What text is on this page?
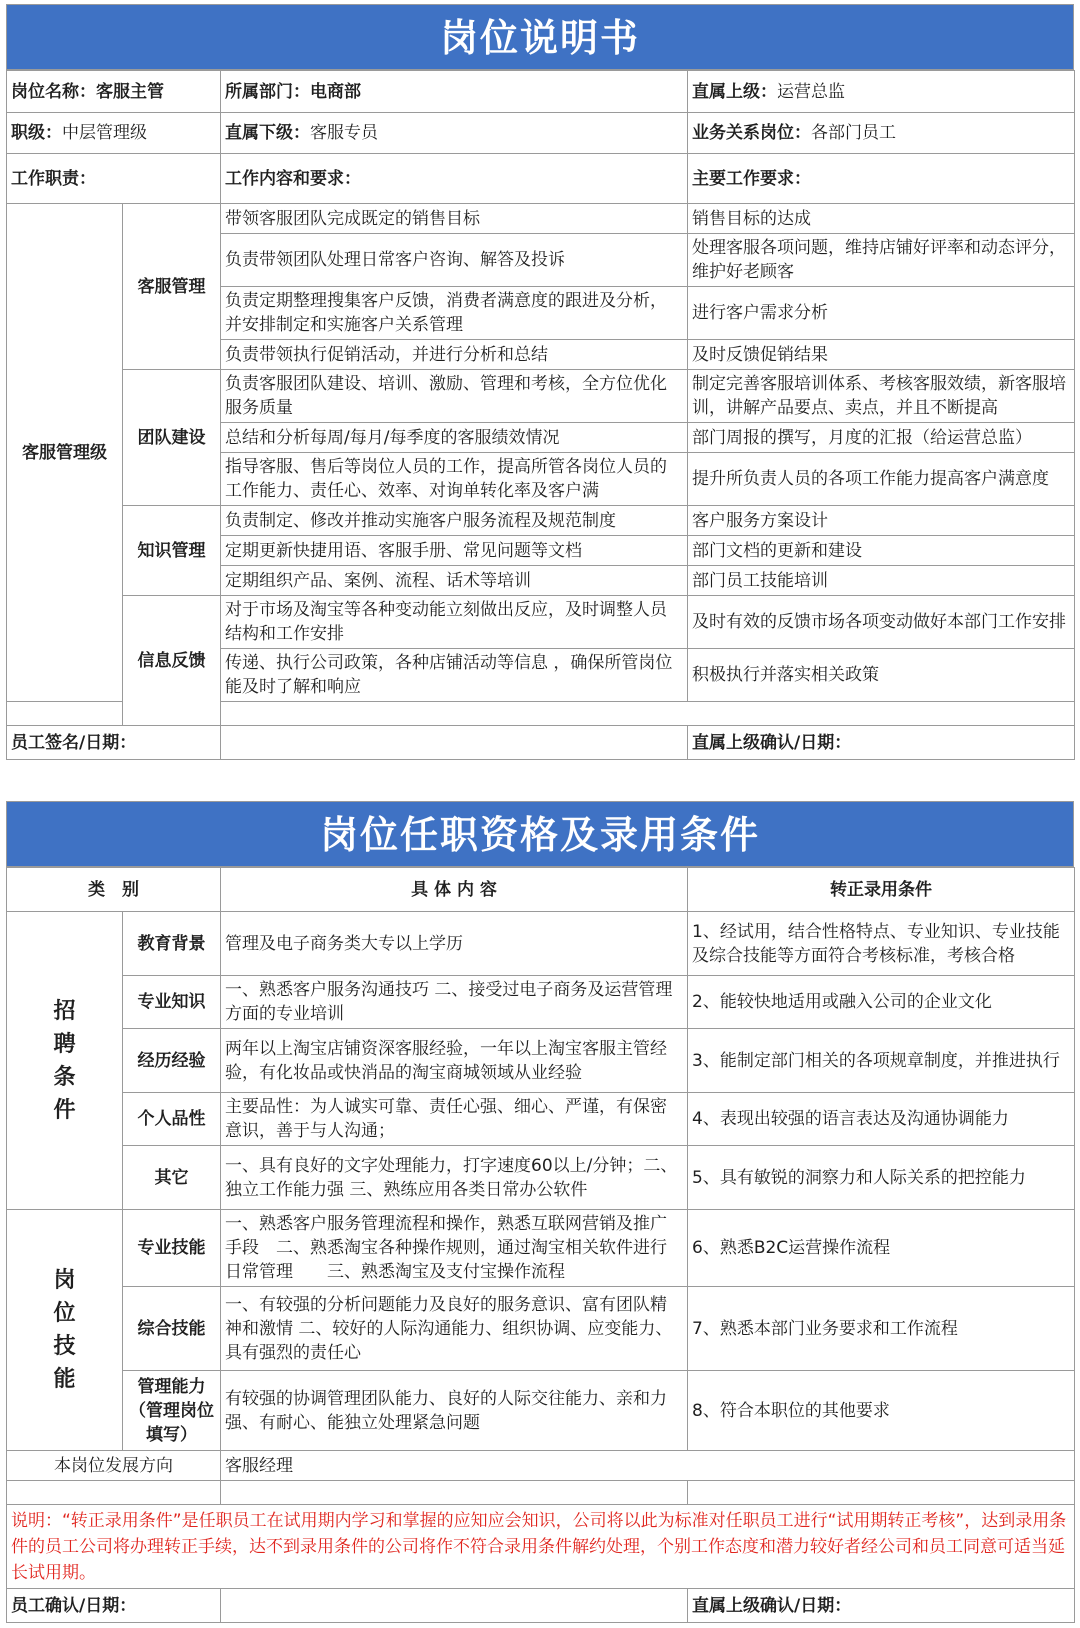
岗位说明书
岗位名称：客服主管		所属部门：电商部	直属上级：运营总监
职级：中层管理级		直属下级：客服专员	业务关系岗位：各部门员工
工作职责：		工作内容和要求：	主要工作要求：
客服管理级	客服管理	带领客服团队完成既定的销售目标	销售目标的达成
		负责带领团队处理日常客户咨询、解答及投诉	处理客服各项问题，维持店铺好评率和动态评分，维护好老顾客
		负责定期整理搜集客户反馈，消费者满意度的跟进及分析，并安排制定和实施客户关系管理	进行客户需求分析
		负责带领执行促销活动，并进行分析和总结	及时反馈促销结果
	团队建设	负责客服团队建设、培训、激励、管理和考核，全方位优化服务质量	制定完善客服培训体系、考核客服效绩，新客服培训，讲解产品要点、卖点，并且不断提高
		总结和分析每周/每月/每季度的客服绩效情况	部门周报的撰写，月度的汇报（给运营总监）
		指导客服、售后等岗位人员的工作，提高所管各岗位人员的工作能力、责任心、效率、对询单转化率及客户满	提升所负责人员的各项工作能力提高客户满意度
	知识管理	负责制定、修改并推动实施客户服务流程及规范制度	客户服务方案设计
		定期更新快捷用语、客服手册、常见问题等文档	部门文档的更新和建设
		定期组织产品、案例、流程、话术等培训	部门员工技能培训
	信息反馈	对于市场及淘宝等各种变动能立刻做出反应，及时调整人员结构和工作安排	及时有效的反馈市场各项变动做好本部门工作安排
		传递、执行公司政策，各种店铺活动等信息 ，确保所管岗位能及时了解和响应	积极执行并落实相关政策

员工签名/日期：			直属上级确认/日期：
岗位任职资格及录用条件
类　别		具 体 内 容	转正录用条件

招
聘
条
件	教育背景	管理及电子商务类大专以上学历	1、经试用，结合性格特点、专业知识、专业技能及综合技能等方面符合考核标准，考核合格
	专业知识	一、熟悉客户服务沟通技巧 二、接受过电子商务及运营管理方面的专业培训	2、能较快地适用或融入公司的企业文化
	经历经验	两年以上淘宝店铺资深客服经验，一年以上淘宝客服主管经验，有化妆品或快消品的淘宝商城领域从业经验	3、能制定部门相关的各项规章制度，并推进执行
	个人品性	主要品性：为人诚实可靠、责任心强、细心、严谨，有保密意识，善于与人沟通；	4、表现出较强的语言表达及沟通协调能力
	其它	一、具有良好的文字处理能力，打字速度60以上/分钟；二、独立工作能力强 三、熟练应用各类日常办公软件	5、具有敏锐的洞察力和人际关系的把控能力

岗
位
技
能	专业技能	一、熟悉客户服务管理流程和操作，熟悉互联网营销及推广手段　二、熟悉淘宝各种操作规则，通过淘宝相关软件进行日常管理　　三、熟悉淘宝及支付宝操作流程	6、熟悉B2C运营操作流程
	综合技能	一、有较强的分析问题能力及良好的服务意识、富有团队精神和激情 二、较好的人际沟通能力、组织协调、应变能力、具有强烈的责任心	7、熟悉本部门业务要求和工作流程
	管理能力（管理岗位填写）	有较强的协调管理团队能力、良好的人际交往能力、亲和力强、有耐心、能独立处理紧急问题	8、符合本职位的其他要求
本岗位发展方向		客服经理	

说明：“转正录用条件”是任职员工在试用期内学习和掌握的应知应会知识，公司将以此为标准对任职员工进行“试用期转正考核”，达到录用条件的员工公司将办理转正手续，达不到录用条件的公司将作不符合录用条件解约处理，个别工作态度和潜力较好者经公司和员工同意可适当延长试用期。			
员工确认/日期：			直属上级确认/日期：
